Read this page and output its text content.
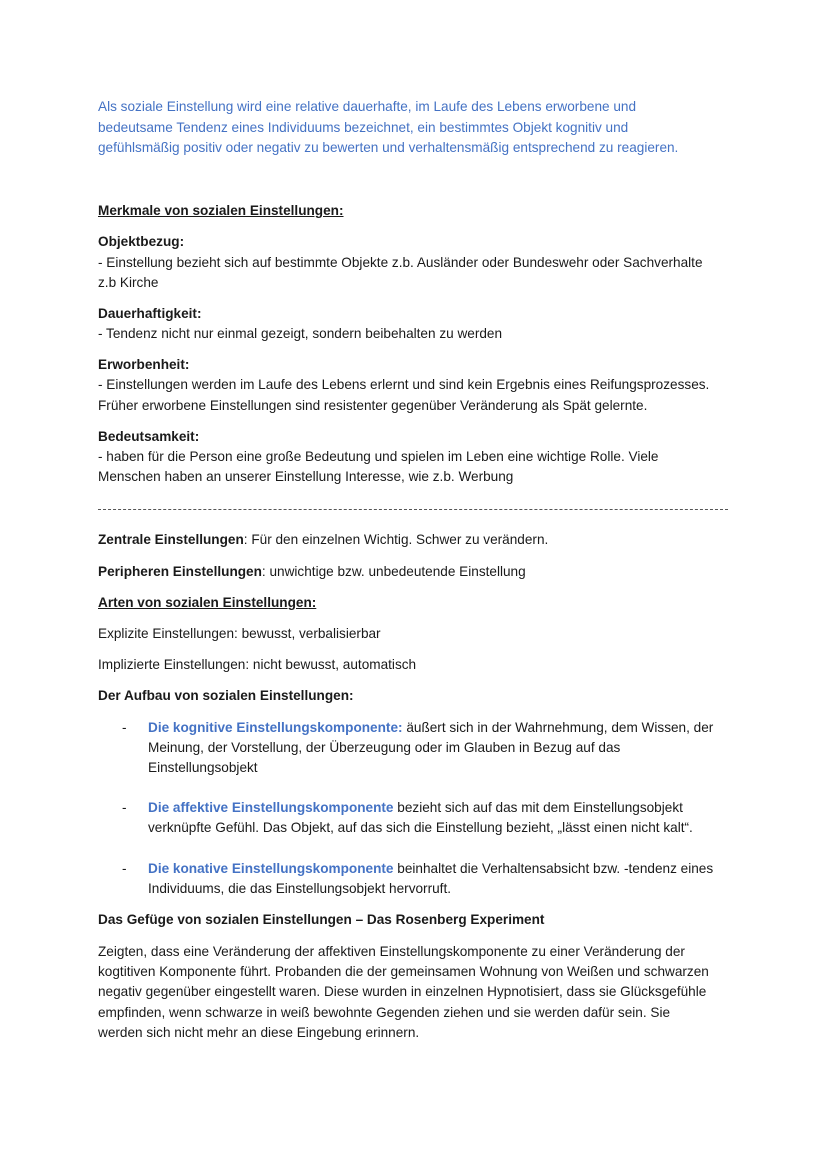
Als soziale Einstellung wird eine relative dauerhafte, im Laufe des Lebens erworbene und
bedeutsame Tendenz eines Individuums bezeichnet, ein bestimmtes Objekt kognitiv und
gefühlsmäßig positiv oder negativ zu bewerten und verhaltensmäßig entsprechend zu reagieren.
Merkmale von sozialen Einstellungen:
Objektbezug:
- Einstellung bezieht sich auf bestimmte Objekte z.b. Ausländer oder Bundeswehr oder Sachverhalte
z.b Kirche
Dauerhaftigkeit:
- Tendenz nicht nur einmal gezeigt, sondern beibehalten zu werden
Erworbenheit:
- Einstellungen werden im Laufe des Lebens erlernt und sind kein Ergebnis eines Reifungsprozesses.
Früher erworbene Einstellungen sind resistenter gegenüber Veränderung als Spät gelernte.
Bedeutsamkeit:
- haben für die Person eine große Bedeutung und spielen im Leben eine wichtige Rolle. Viele
Menschen haben an unserer Einstellung Interesse, wie z.b. Werbung
Zentrale Einstellungen: Für den einzelnen Wichtig. Schwer zu verändern.
Peripheren Einstellungen: unwichtige bzw. unbedeutende Einstellung
Arten von sozialen Einstellungen:
Explizite Einstellungen: bewusst, verbalisierbar
Implizierte Einstellungen: nicht bewusst, automatisch
Der Aufbau von sozialen Einstellungen:
- Die kognitive Einstellungskomponente: äußert sich in der Wahrnehmung, dem Wissen, der
Meinung, der Vorstellung, der Überzeugung oder im Glauben in Bezug auf das
Einstellungsobjekt
- Die affektive Einstellungskomponente bezieht sich auf das mit dem Einstellungsobjekt
verknüpfte Gefühl. Das Objekt, auf das sich die Einstellung bezieht, „lässt einen nicht kalt“.
- Die konative Einstellungskomponente beinhaltet die Verhaltensabsicht bzw. -tendenz eines
Individuums, die das Einstellungsobjekt hervorruft.
Das Gefüge von sozialen Einstellungen – Das Rosenberg Experiment
Zeigten, dass eine Veränderung der affektiven Einstellungskomponente zu einer Veränderung der
kogtitiven Komponente führt. Probanden die der gemeinsamen Wohnung von Weißen und schwarzen
negativ gegenüber eingestellt waren. Diese wurden in einzelnen Hypnotisiert, dass sie Glücksgefühle
empfinden, wenn schwarze in weiß bewohnte Gegenden ziehen und sie werden dafür sein. Sie
werden sich nicht mehr an diese Eingebung erinnern.
